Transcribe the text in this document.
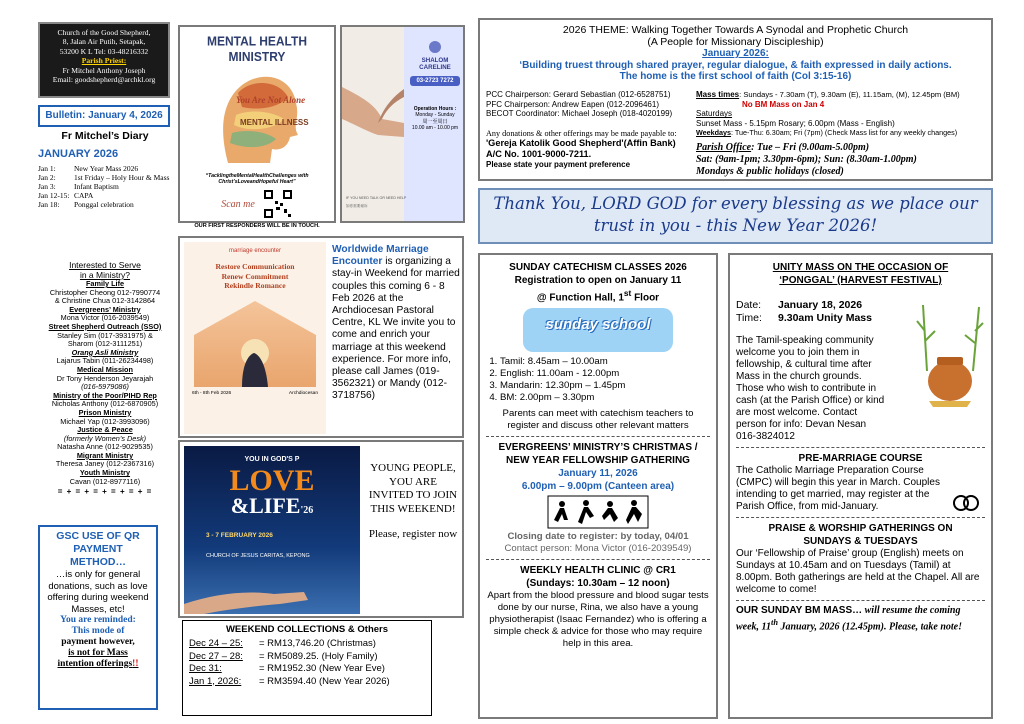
Church of the Good Shepherd,
8, Jalan Air Putih, Setapak,
53200 K L Tel: 03-48216332
Parish Priest:
Fr Mitchel Anthony Joseph
Email: goodshepherd@archkl.org
Bulletin: January 4, 2026
Fr Mitchel’s Diary
JANUARY 2026
Jan 1:	New Year Mass 2026
Jan 2:	1st Friday – Holy Hour & Mass
Jan 3:	Infant Baptism
Jan 12-15: CAPA
Jan 18:	Ponggal celebration
Interested to Serve
in a Ministry?
Family Life
Christopher Cheong 012-7990774
& Christine Chua 012-3142864
Evergreens’ Ministry
Mona Victor (016-2039549)
Street Shepherd Outreach (SSO)
Stanley Sim (017-3931975) &
Sharom (012-3111251)
Orang Asli Ministry
Lajarus Tabin (011-26234498)
Medical Mission
Dr Tony Henderson Jeyarajah
(016-5979086)
Ministry of the Poor/PIHD Rep
Nicholas Anthony (012-6870905)
Prison Ministry
Michael Yap (012-3993096)
Justice & Peace
(formerly Women’s Desk)
Natasha Anne (012-9029535)
Migrant Ministry
Theresa Janey (012-2367316)
Youth Ministry
Cavan (012-8977116)
= + = + = + = + = + =
GSC USE OF QR
PAYMENT
METHOD…
…is only for general donations, such as love offering during weekend Masses, etc!
You are reminded:
This mode of
payment however,
is not for Mass
intention offerings!!
MENTAL HEALTH MINISTRY
You Are Not Alone
MENTAL ILLNESS
“TacklingtheMentalHealthChallenges with Christ’sLoveandHopeful Heart”
Scan me
OUR FIRST RESPONDERS WILL BE IN TOUCH.
IF YOU NEED TALK OR NEED HELP
如你需要倾诉
SHALOM CARELINE
03-2723 7272
Operation Hours :
Monday - Sunday
周一至周日
10.00 am - 10.00 pm
2026 THEME: Walking Together Towards A Synodal and Prophetic Church
(A People for Missionary Discipleship)
January 2026:
‘Building truest through shared prayer, regular dialogue, & faith expressed in daily actions.
The home is the first school of faith (Col 3:15-16)
PCC Chairperson: Gerard Sebastian (012-6528751)
PFC Chairperson: Andrew Eapen (012-2096461)
BECOT Coordinator: Michael Joseph (018-4020199)
Any donations & other offerings may be made payable to:
'Gereja Katolik Good Shepherd'(Affin Bank)
A/C No. 1001-9000-7211.
Please state your payment preference
Mass times: Sundays - 7.30am (T), 9.30am (E), 11.15am, (M), 12.45pm (BM)
No BM Mass on Jan 4
Saturdays
Sunset Mass - 5.15pm Rosary; 6.00pm (Mass - English)
Weekdays: Tue-Thu: 6.30am; Fri (7pm) (Check Mass list for any weekly changes)
Parish Office: Tue – Fri (9.00am-5.00pm)
Sat: (9am-1pm; 3.30pm-6pm); Sun: (8.30am-1.00pm)
Mondays & public holidays (closed)
Thank You, LORD GOD for every blessing as we place our trust in you - this New Year 2026!
marriage encounter
Restore Communication
Renew Commitment
Rekindle Romance
6th - 8th Feb 2026	Archdiocesan
Worldwide Marriage Encounter is organizing a stay-in Weekend for married couples this coming 6 - 8 Feb 2026 at the Archdiocesan Pastoral Centre, KL We invite you to come and enrich your marriage at this weekend experience. For more info, please call James (019-3562321) or Mandy (012-3718756)
YOU IN GOD'S P
LOVE
&LIFE'26
3 - 7 FEBRUARY 2026
CHURCH OF JESUS CARITAS, KEPONG
YOUNG PEOPLE, YOU ARE INVITED TO JOIN THIS WEEKEND!
Please, register now
WEEKEND COLLECTIONS & Others
Dec 24 – 25:	= RM13,746.20 (Christmas)
Dec 27 – 28:	= RM5089.25. (Holy Family)
Dec 31:	= RM1952.30 (New Year Eve)
Jan 1, 2026:	= RM3594.40 (New Year 2026)
SUNDAY CATECHISM CLASSES 2026
Registration to open on January 11
@ Function Hall, 1st Floor
sunday school
1. Tamil: 8.45am – 10.00am
2. English: 11.00am - 12.00pm
3. Mandarin: 12.30pm – 1.45pm
4. BM: 2.00pm – 3.30pm
Parents can meet with catechism teachers to register and discuss other relevant matters
EVERGREENS’ MINISTRY’S CHRISTMAS / NEW YEAR FELLOWSHIP GATHERING
January 11, 2026
6.00pm – 9.00pm (Canteen area)
Closing date to register: by today, 04/01
Contact person: Mona Victor (016-2039549)
WEEKLY HEALTH CLINIC @ CR1
(Sundays: 10.30am – 12 noon)
Apart from the blood pressure and blood sugar tests done by our nurse, Rina, we also have a young physiotherapist (Isaac Fernandez) who is offering a simple check & advice for those who may require help in this area.
UNITY MASS ON THE OCCASION OF
‘PONGGAL’ (HARVEST FESTIVAL)
Date: January 18, 2026
Time: 9.30am Unity Mass
The Tamil-speaking community welcome you to join them in fellowship, & cultural time after Mass in the church grounds. Those who wish to contribute in cash (at the Parish Office) or kind are most welcome. Contact person for info: Devan Nesan 016-3824012
PRE-MARRIAGE COURSE
The Catholic Marriage Preparation Course (CMPC) will begin this year in March. Couples intending to get married, may register at the Parish Office, from mid-January.
PRAISE & WORSHIP GATHERINGS ON
SUNDAYS & TUESDAYS
Our ‘Fellowship of Praise’ group (English) meets on Sundays at 10.45am and on Tuesdays (Tamil) at 8.00pm. Both gatherings are held at the Chapel. All are welcome to come!
OUR SUNDAY BM MASS… will resume the coming week, 11th January, 2026 (12.45pm). Please, take note!
